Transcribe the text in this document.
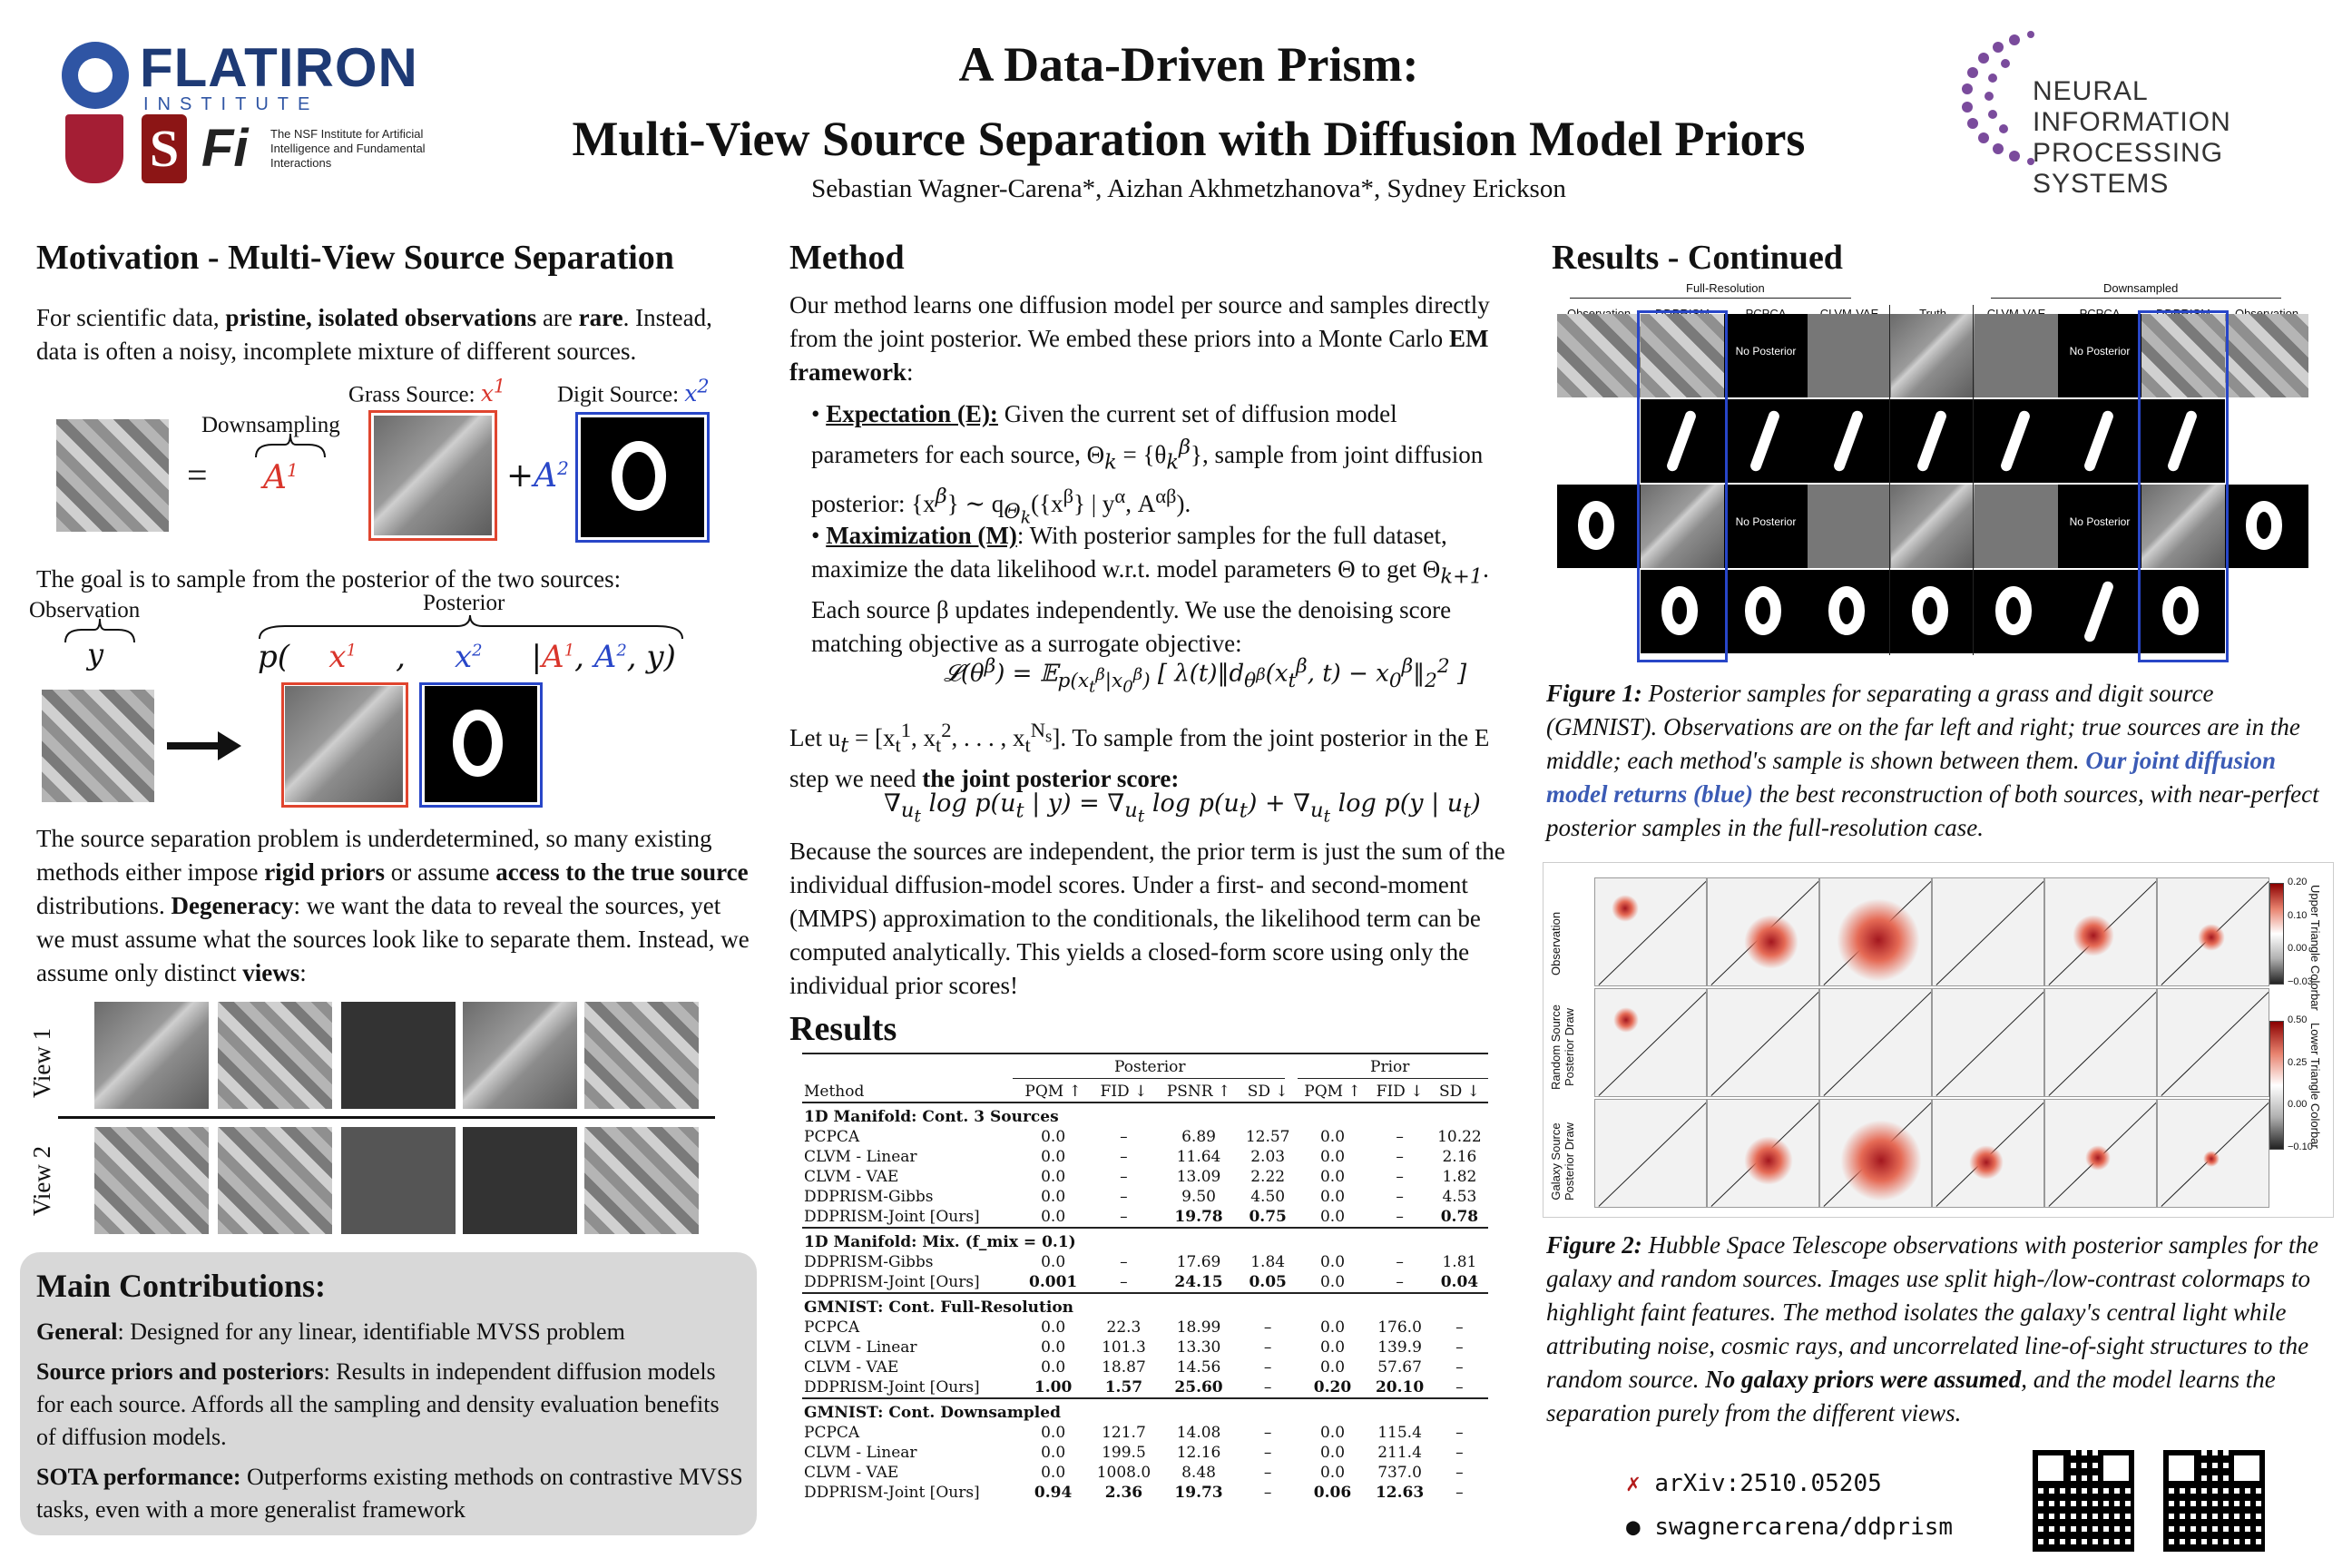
FLATIRON
INSTITUTE
S Fi The NSF Institute for Artificial Intelligence and Fundamental Interactions
A Data-Driven Prism:
Multi-View Source Separation with Diffusion Model Priors
Sebastian Wagner-Carena*, Aizhan Akhmetzhanova*, Sydney Erickson
NEURAL INFORMATION
PROCESSING SYSTEMS
Motivation - Multi-View Source Separation
For scientific data, pristine, isolated observations are rare. Instead, data is often a noisy, incomplete mixture of different sources.
Grass Source: $x^1$ Digit Source: $x^2$
Downsampling
= $A^1$	$+A^2$
The goal is to sample from the posterior of the two sources:
Observation	Posterior
y	p(    $x^1$    ,     $x^2$     $|A^1$, $A^2$, y)
The source separation problem is underdetermined, so many existing methods either impose rigid priors or assume access to the true source distributions. Degeneracy: we want the data to reveal the sources, yet we must assume what the sources look like to separate them. Instead, we assume only distinct views:
View 1
View 2
Main Contributions:
General: Designed for any linear, identifiable MVSS problem
Source priors and posteriors: Results in independent diffusion models for each source. Affords all the sampling and density evaluation benefits of diffusion models.
SOTA performance: Outperforms existing methods on contrastive MVSS tasks, even with a more generalist framework
Method
Our method learns one diffusion model per source and samples directly from the joint posterior. We embed these priors into a Monte Carlo EM framework:
• Expectation (E): Given the current set of diffusion model parameters for each source, $\Theta_k = \{\theta_k^\beta\}$, sample from joint diffusion posterior: $\{x^\beta\}$ ∼ $q_{\Theta_k}(\{x^\beta\}$ | $y^\alpha$, $A^{\alpha\beta}$).
• Maximization (M): With posterior samples for the full dataset, maximize the data likelihood w.r.t. model parameters Θ to get $\Theta_{k+1}$. Each source β updates independently. We use the denoising score matching objective as a surrogate objective:
$𝓛(\theta^\beta)$ = 𝔼$_{p(x_t^\beta|x_0^\beta)}$ [ $\lambda(t)‖d_{\theta^\beta}(x_t^\beta$, $t) - x_0^\beta‖_2^2$ ]
Let $u_t = [x_t^1$, $x_t^2$, . . . , $x_t^{N_s}$]. To sample from the joint posterior in the E step we need the joint posterior score:
$\nabla_{u_t}$ $\log p(u_t$ | $y) = \nabla_{u_t}$ $\log p(u_t) + \nabla_{u_t}$ log p(y | $u_t$)
Because the sources are independent, the prior term is just the sum of the individual diffusion-model scores. Under a first- and second-moment (MMPS) approximation to the conditionals, the likelihood term can be computed analytically. This yields a closed-form score using only the individual prior scores!
Results
Posterior	Prior
Method	PQM ↑	FID ↓	PSNR ↑	SD ↓	PQM ↑	FID ↓	SD ↓
1D Manifold: Cont. 3 Sources							
PCPCA	0.0	–	6.89	12.57	0.0	–	10.22
CLVM - Linear	0.0	–	11.64	2.03	0.0	–	2.16
CLVM - VAE	0.0	–	13.09	2.22	0.0	–	1.82
DDPRISM-Gibbs	0.0	–	9.50	4.50	0.0	–	4.53
DDPRISM-Joint [Ours]	0.0	–	19.78	0.75	0.0	–	0.78
1D Manifold: Mix. (f_mix = 0.1)							
DDPRISM-Gibbs	0.0	–	17.69	1.84	0.0	–	1.81
DDPRISM-Joint [Ours]	0.001	–	24.15	0.05	0.0	–	0.04
GMNIST: Cont. Full-Resolution							
PCPCA	0.0	22.3	18.99	–	0.0	176.0	–
CLVM - Linear	0.0	101.3	13.30	–	0.0	139.9	–
CLVM - VAE	0.0	18.87	14.56	–	0.0	57.67	–
DDPRISM-Joint [Ours]	1.00	1.57	25.60	–	0.20	20.10	–
GMNIST: Cont. Downsampled							
PCPCA	0.0	121.7	14.08	–	0.0	115.4	–
CLVM - Linear	0.0	199.5	12.16	–	0.0	211.4	–
CLVM - VAE	0.0	1008.0	8.48	–	0.0	737.0	–
DDPRISM-Joint [Ours]	0.94	2.36	19.73	–	0.06	12.63	–
Results - Continued
Full-Resolution	Downsampled
No Posterior	No Posterior
No Posterior	No Posterior
Figure 1: Posterior samples for separating a grass and digit source (GMNIST). Observations are on the far left and right; true sources are in the middle; each method's sample is shown between them. Our joint diffusion model returns (blue) the best reconstruction of both sources, with near-perfect posterior samples in the full-resolution case.
Observation
Random Source Posterior Draw
Galaxy Source Posterior Draw
0.20
0.10
0.00
−0.03
0.50
0.25
0.00
−0.10
Upper Triangle Colorbar
Lower Triangle Colorbar
Figure 2: Hubble Space Telescope observations with posterior samples for the galaxy and random sources. Images use split high-/low-contrast colormaps to highlight faint features. The method isolates the galaxy's central light while attributing noise, cosmic rays, and uncorrelated line-of-sight structures to the random source. No galaxy priors were assumed, and the model learns the separation purely from the different views.
✗ arXiv:2510.05205
● swagnercarena/ddprism
